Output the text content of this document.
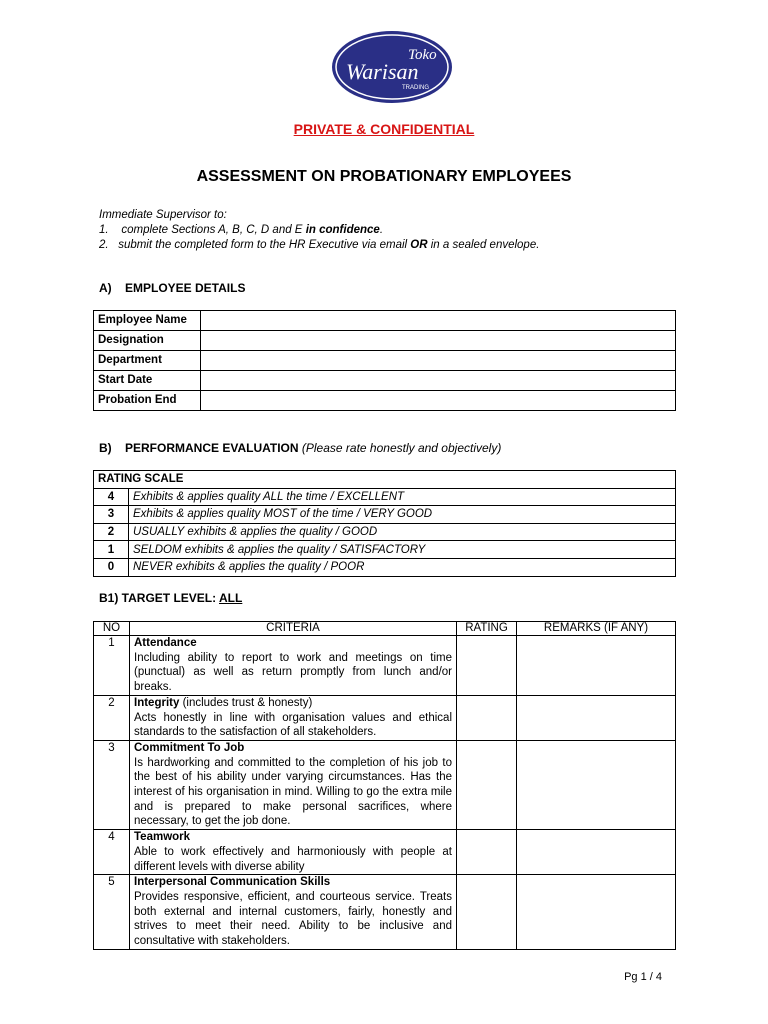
Toko
Warisan
TRADING
PRIVATE & CONFIDENTIAL
ASSESSMENT ON PROBATIONARY EMPLOYEES
Immediate Supervisor to:
1. complete Sections A, B, C, D and E in confidence.
2. submit the completed form to the HR Executive via email OR in a sealed envelope.
A)    EMPLOYEE DETAILS
Employee Name	
Designation	
Department	
Start Date	
Probation End	
B)    PERFORMANCE EVALUATION (Please rate honestly and objectively)
RATING SCALE	
4	Exhibits & applies quality ALL the time / EXCELLENT
3	Exhibits & applies quality MOST of the time / VERY GOOD
2	USUALLY exhibits & applies the quality / GOOD
1	SELDOM exhibits & applies the quality / SATISFACTORY
0	NEVER exhibits & applies the quality / POOR
B1) TARGET LEVEL: ALL
NO	CRITERIA	RATING	REMARKS (IF ANY)
1	Attendance
Including ability to report to work and meetings on time (punctual) as well as return promptly from lunch and/or breaks.		

2	Integrity (includes trust & honesty)
Acts honestly in line with organisation values and ethical standards to the satisfaction of all stakeholders.		

3	Commitment To Job
Is hardworking and committed to the completion of his job to the best of his ability under varying circumstances. Has the interest of his organisation in mind. Willing to go the extra mile and is prepared to make personal sacrifices, where necessary, to get the job done.		

4	Teamwork
Able to work effectively and harmoniously with people at different levels with diverse ability		

5	Interpersonal Communication Skills
Provides responsive, efficient, and courteous service. Treats both external and internal customers, fairly, honestly and strives to meet their need. Ability to be inclusive and consultative with stakeholders.		

Pg 1 / 4
